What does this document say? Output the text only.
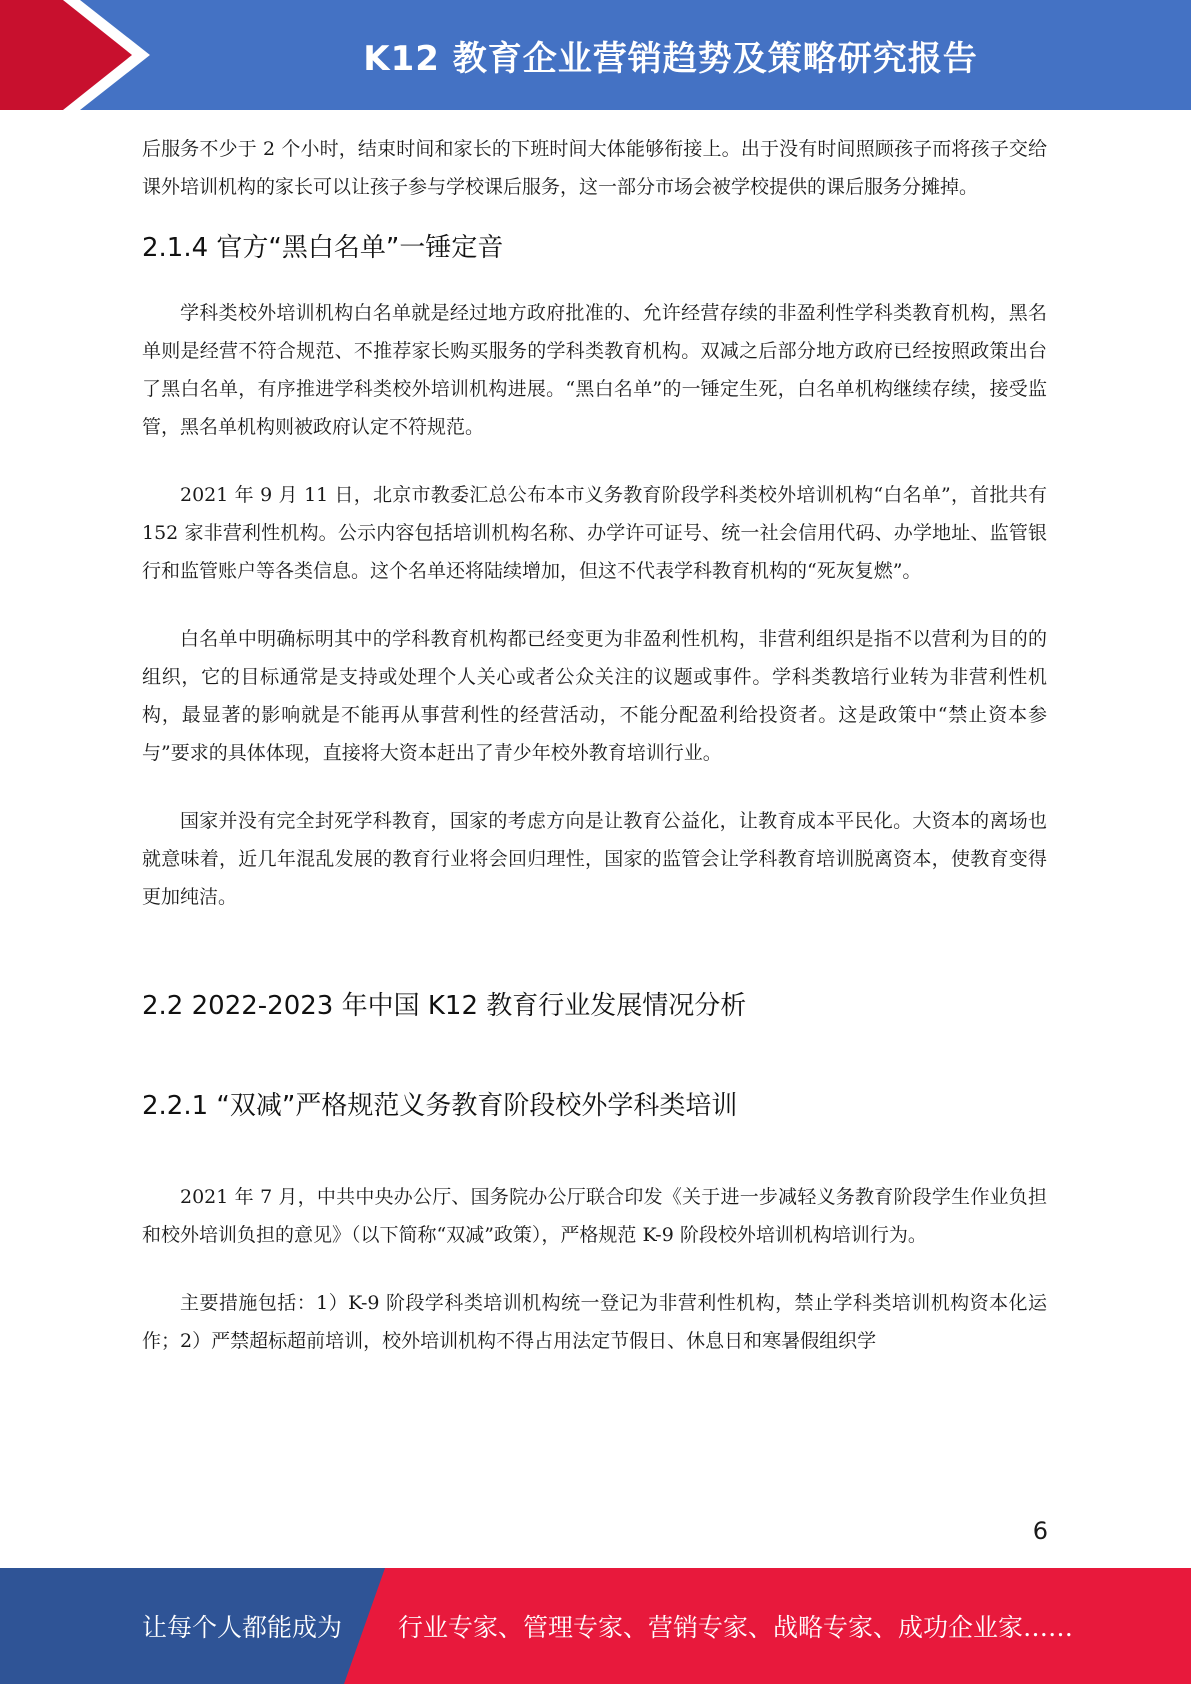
K12 教育企业营销趋势及策略研究报告

后服务不少于 2 个小时，结束时间和家长的下班时间大体能够衔接上。出于没有时间照顾孩子而将孩子交给课外培训机构的家长可以让孩子参与学校课后服务，这一部分市场会被学校提供的课后服务分摊掉。

2.1.4 官方“黑白名单”一锤定音

学科类校外培训机构白名单就是经过地方政府批准的、允许经营存续的非盈利性学科类教育机构，黑名单则是经营不符合规范、不推荐家长购买服务的学科类教育机构。双减之后部分地方政府已经按照政策出台了黑白名单，有序推进学科类校外培训机构进展。“黑白名单”的一锤定生死，白名单机构继续存续，接受监管，黑名单机构则被政府认定不符规范。

2021 年 9 月 11 日，北京市教委汇总公布本市义务教育阶段学科类校外培训机构“白名单”，首批共有 152 家非营利性机构。公示内容包括培训机构名称、办学许可证号、统一社会信用代码、办学地址、监管银行和监管账户等各类信息。这个名单还将陆续增加，但这不代表学科教育机构的“死灰复燃”。

白名单中明确标明其中的学科教育机构都已经变更为非盈利性机构，非营利组织是指不以营利为目的的组织，它的目标通常是支持或处理个人关心或者公众关注的议题或事件。学科类教培行业转为非营利性机构，最显著的影响就是不能再从事营利性的经营活动，不能分配盈利给投资者。这是政策中“禁止资本参与”要求的具体体现，直接将大资本赶出了青少年校外教育培训行业。

国家并没有完全封死学科教育，国家的考虑方向是让教育公益化，让教育成本平民化。大资本的离场也就意味着，近几年混乱发展的教育行业将会回归理性，国家的监管会让学科教育培训脱离资本，使教育变得更加纯洁。

2.2 2022-2023 年中国 K12 教育行业发展情况分析
2.2.1 “双减”严格规范义务教育阶段校外学科类培训

2021 年 7 月，中共中央办公厅、国务院办公厅联合印发《关于进一步减轻义务教育阶段学生作业负担和校外培训负担的意见》（以下简称“双减”政策），严格规范 K-9 阶段校外培训机构培训行为。

主要措施包括：1）K-9 阶段学科类培训机构统一登记为非营利性机构，禁止学科类培训机构资本化运作；2）严禁超标超前培训，校外培训机构不得占用法定节假日、休息日和寒暑假组织学

6
让每个人都能成为 行业专家、管理专家、营销专家、战略专家、成功企业家……
